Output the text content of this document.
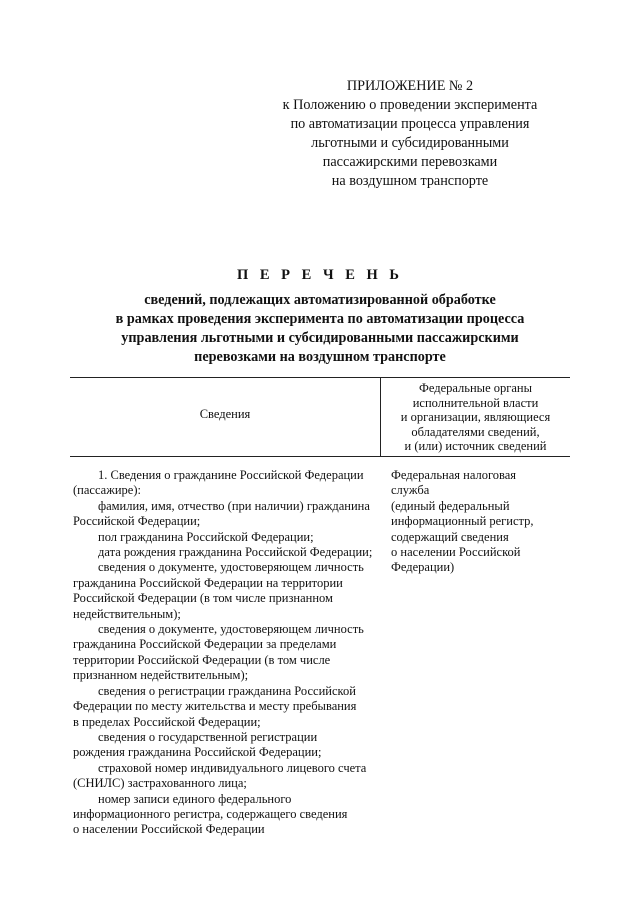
ПРИЛОЖЕНИЕ № 2
к Положению о проведении эксперимента
по автоматизации процесса управления
льготными и субсидированными
пассажирскими перевозками
на воздушном транспорте
П Е Р Е Ч Е Н Ь
сведений, подлежащих автоматизированной обработке
в рамках проведения эксперимента по автоматизации процесса
управления льготными и субсидированными пассажирскими
перевозками на воздушном транспорте
Сведения
Федеральные органы
исполнительной власти
и организации, являющиеся
обладателями сведений,
и (или) источник сведений
1. Сведения о гражданине Российской Федерации
(пассажире):
фамилия, имя, отчество (при наличии) гражданина
Российской Федерации;
пол гражданина Российской Федерации;
дата рождения гражданина Российской Федерации;
сведения о документе, удостоверяющем личность
гражданина Российской Федерации на территории
Российской Федерации (в том числе признанном
недействительным);
сведения о документе, удостоверяющем личность
гражданина Российской Федерации за пределами
территории Российской Федерации (в том числе
признанном недействительным);
сведения о регистрации гражданина Российской
Федерации по месту жительства и месту пребывания
в пределах Российской Федерации;
сведения о государственной регистрации
рождения гражданина Российской Федерации;
страховой номер индивидуального лицевого счета
(СНИЛС) застрахованного лица;
номер записи единого федерального
информационного регистра, содержащего сведения
о населении Российской Федерации
Федеральная налоговая
служба
(единый федеральный
информационный регистр,
содержащий сведения
о населении Российской
Федерации)
